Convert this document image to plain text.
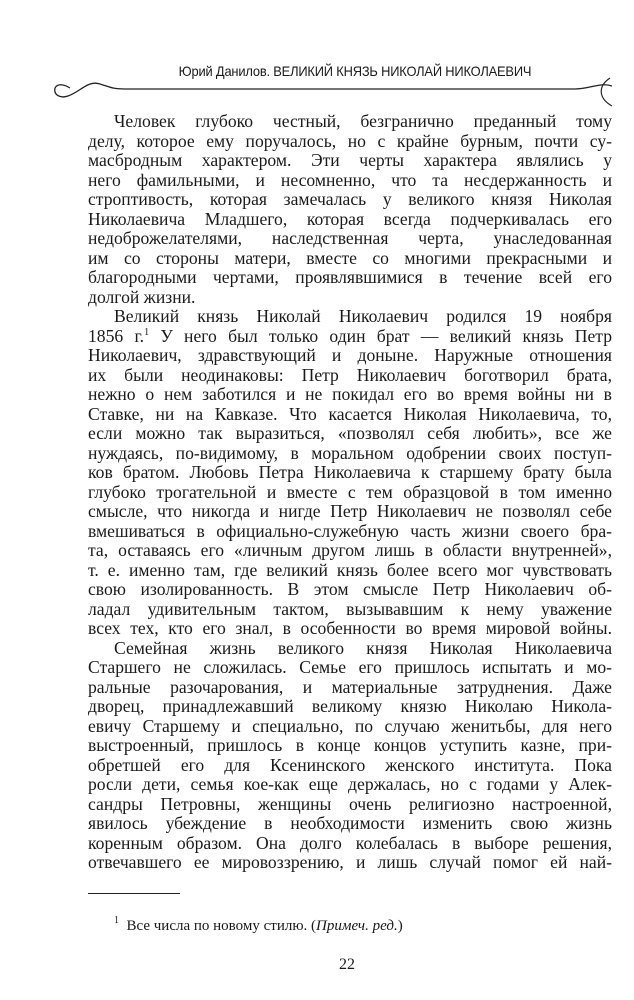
Юрий Данилов. ВЕЛИКИЙ КНЯЗЬ НИКОЛАЙ НИКОЛАЕВИЧ
Человек глубоко честный, безгранично преданный тому
делу, которое ему поручалось, но с крайне бурным, почти су-
масбродным характером. Эти черты характера являлись у
него фамильными, и несомненно, что та несдержанность и
строптивость, которая замечалась у великого князя Николая
Николаевича Младшего, которая всегда подчеркивалась его
недоброжелателями, наследственная черта, унаследованная
им со стороны матери, вместе со многими прекрасными и
благородными чертами, проявлявшимися в течение всей его
долгой жизни.
Великий князь Николай Николаевич родился 19 ноября
1856 г.$^1$ У него был только один брат — великий князь Петр
Николаевич, здравствующий и доныне. Наружные отношения
их были неодинаковы: Петр Николаевич боготворил брата,
нежно о нем заботился и не покидал его во время войны ни в
Ставке, ни на Кавказе. Что касается Николая Николаевича, то,
если можно так выразиться, «позволял себя любить», все же
нуждаясь, по-видимому, в моральном одобрении своих поступ-
ков братом. Любовь Петра Николаевича к старшему брату была
глубоко трогательной и вместе с тем образцовой в том именно
смысле, что никогда и нигде Петр Николаевич не позволял себе
вмешиваться в официально-служебную часть жизни своего бра-
та, оставаясь его «личным другом лишь в области внутренней»,
т. е. именно там, где великий князь более всего мог чувствовать
свою изолированность. В этом смысле Петр Николаевич об-
ладал удивительным тактом, вызывавшим к нему уважение
всех тех, кто его знал, в особенности во время мировой войны.
Семейная жизнь великого князя Николая Николаевича
Старшего не сложилась. Семье его пришлось испытать и мо-
ральные разочарования, и материальные затруднения. Даже
дворец, принадлежавший великому князю Николаю Никола-
евичу Старшему и специально, по случаю женитьбы, для него
выстроенный, пришлось в конце концов уступить казне, при-
обретшей его для Ксенинского женского института. Пока
росли дети, семья кое-как еще держалась, но с годами у Алек-
сандры Петровны, женщины очень религиозно настроенной,
явилось убеждение в необходимости изменить свою жизнь
коренным образом. Она долго колебалась в выборе решения,
отвечавшего ее мировоззрению, и лишь случай помог ей най-
$^1$ Все числа по новому стилю. (Примеч. ред.)
22
